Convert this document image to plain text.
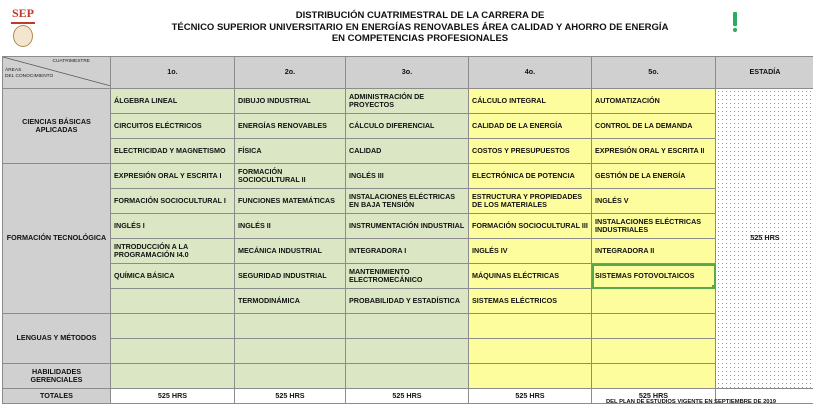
SEP	DISTRIBUCIÓN CUATRIMESTRAL DE LA CARRERA DE
TÉCNICO SUPERIOR UNIVERSITARIO EN ENERGÍAS RENOVABLES ÁREA CALIDAD Y AHORRO DE ENERGÍA
EN COMPETENCIAS PROFESIONALES
CUATRIMESTRE
ÁREAS
DEL CONOCIMIENTO	1o.	2o.	3o.	4o.	5o.	ESTADÍA
CIENCIAS BÁSICAS APLICADAS	ÁLGEBRA LINEAL	DIBUJO INDUSTRIAL	ADMINISTRACIÓN DE PROYECTOS	CÁLCULO INTEGRAL	AUTOMATIZACIÓN	525 HRS
	CIRCUITOS ELÉCTRICOS	ENERGÍAS RENOVABLES	CÁLCULO DIFERENCIAL	CALIDAD DE LA ENERGÍA	CONTROL DE LA DEMANDA	
	ELECTRICIDAD Y MAGNETISMO	FÍSICA	CALIDAD	COSTOS Y PRESUPUESTOS	EXPRESIÓN ORAL Y ESCRITA II	
FORMACIÓN TECNOLÓGICA	EXPRESIÓN ORAL Y ESCRITA I	FORMACIÓN SOCIOCULTURAL II	INGLÉS III	ELECTRÓNICA DE POTENCIA	GESTIÓN DE LA ENERGÍA	
	FORMACIÓN SOCIOCULTURAL I	FUNCIONES MATEMÁTICAS	INSTALACIONES ELÉCTRICAS EN BAJA TENSIÓN	ESTRUCTURA Y PROPIEDADES DE LOS MATERIALES	INGLÉS V	
	INGLÉS I	INGLÉS II	INSTRUMENTACIÓN INDUSTRIAL	FORMACIÓN SOCIOCULTURAL III	INSTALACIONES ELÉCTRICAS INDUSTRIALES	
	INTRODUCCIÓN A LA PROGRAMACIÓN I4.0	MECÁNICA INDUSTRIAL	INTEGRADORA I	INGLÉS IV	INTEGRADORA II	
	QUÍMICA BÁSICA	SEGURIDAD INDUSTRIAL	MANTENIMIENTO ELECTROMECÁNICO	MÁQUINAS ELÉCTRICAS	SISTEMAS FOTOVOLTAICOS	

		TERMODINÁMICA	PROBABILIDAD Y ESTADÍSTICA	SISTEMAS ELÉCTRICOS		
LENGUAS Y MÉTODOS						

HABILIDADES GERENCIALES						
TOTALES	525 HRS	525 HRS	525 HRS	525 HRS	525 HRS	
DEL PLAN DE ESTUDIOS VIGENTE EN SEPTIEMBRE DE 2019
